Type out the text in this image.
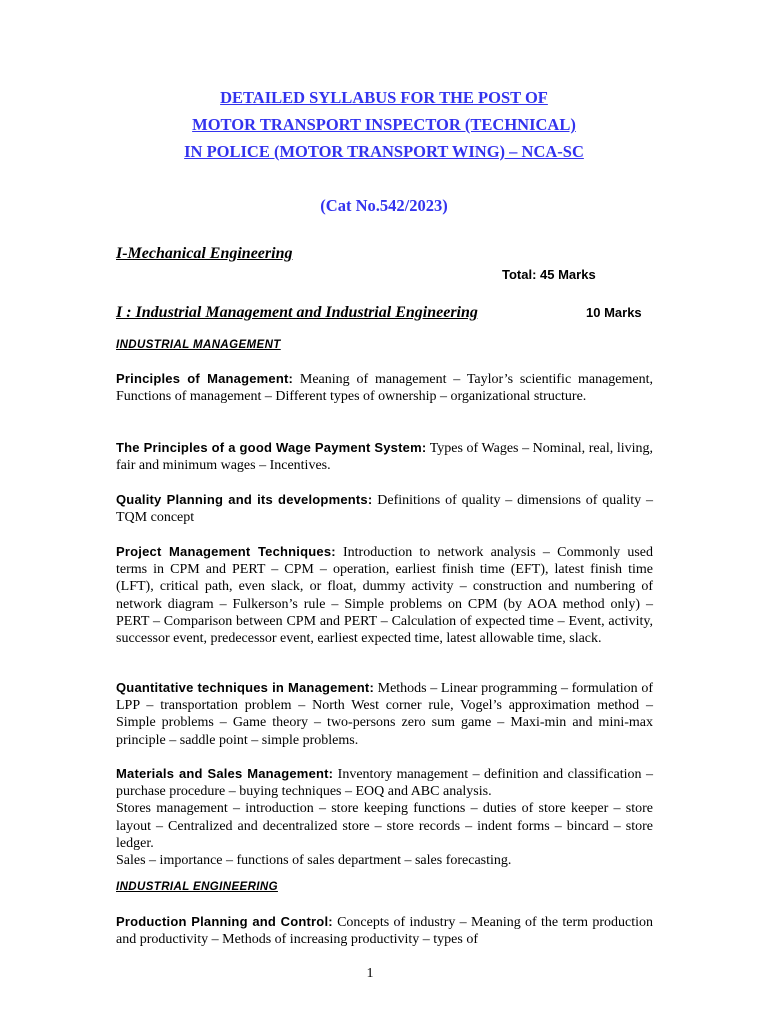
DETAILED SYLLABUS FOR THE POST OF
MOTOR TRANSPORT INSPECTOR (TECHNICAL)
IN POLICE (MOTOR TRANSPORT WING) – NCA-SC
(Cat No.542/2023)
I-Mechanical Engineering
Total: 45 Marks
I : Industrial Management and Industrial Engineering	10 Marks
INDUSTRIAL MANAGEMENT

Principles of Management: Meaning of management – Taylor’s scientific management, Functions of management – Different types of ownership – organizational structure.

The Principles of a good Wage Payment System: Types of Wages – Nominal, real, living, fair and minimum wages – Incentives.

Quality Planning and its developments: Definitions of quality – dimensions of quality – TQM concept

Project Management Techniques: Introduction to network analysis – Commonly used terms in CPM and PERT – CPM – operation, earliest finish time (EFT), latest finish time (LFT), critical path, even slack, or float, dummy activity – construction and numbering of network diagram – Fulkerson’s rule – Simple problems on CPM (by AOA method only) – PERT – Comparison between CPM and PERT – Calculation of expected time – Event, activity, successor event, predecessor event, earliest expected time, latest allowable time, slack.

Quantitative techniques in Management: Methods – Linear programming – formulation of LPP – transportation problem – North West corner rule, Vogel’s approximation method – Simple problems – Game theory – two-persons zero sum game – Maxi-min and mini-max principle – saddle point – simple problems.

Materials and Sales Management: Inventory management – definition and classification – purchase procedure – buying techniques – EOQ and ABC analysis.

Stores management – introduction – store keeping functions – duties of store keeper – store layout – Centralized and decentralized store – store records – indent forms – bincard – store ledger.

Sales – importance – functions of sales department – sales forecasting.

INDUSTRIAL ENGINEERING

Production Planning and Control: Concepts of industry – Meaning of the term production and productivity – Methods of increasing productivity – types of

1
